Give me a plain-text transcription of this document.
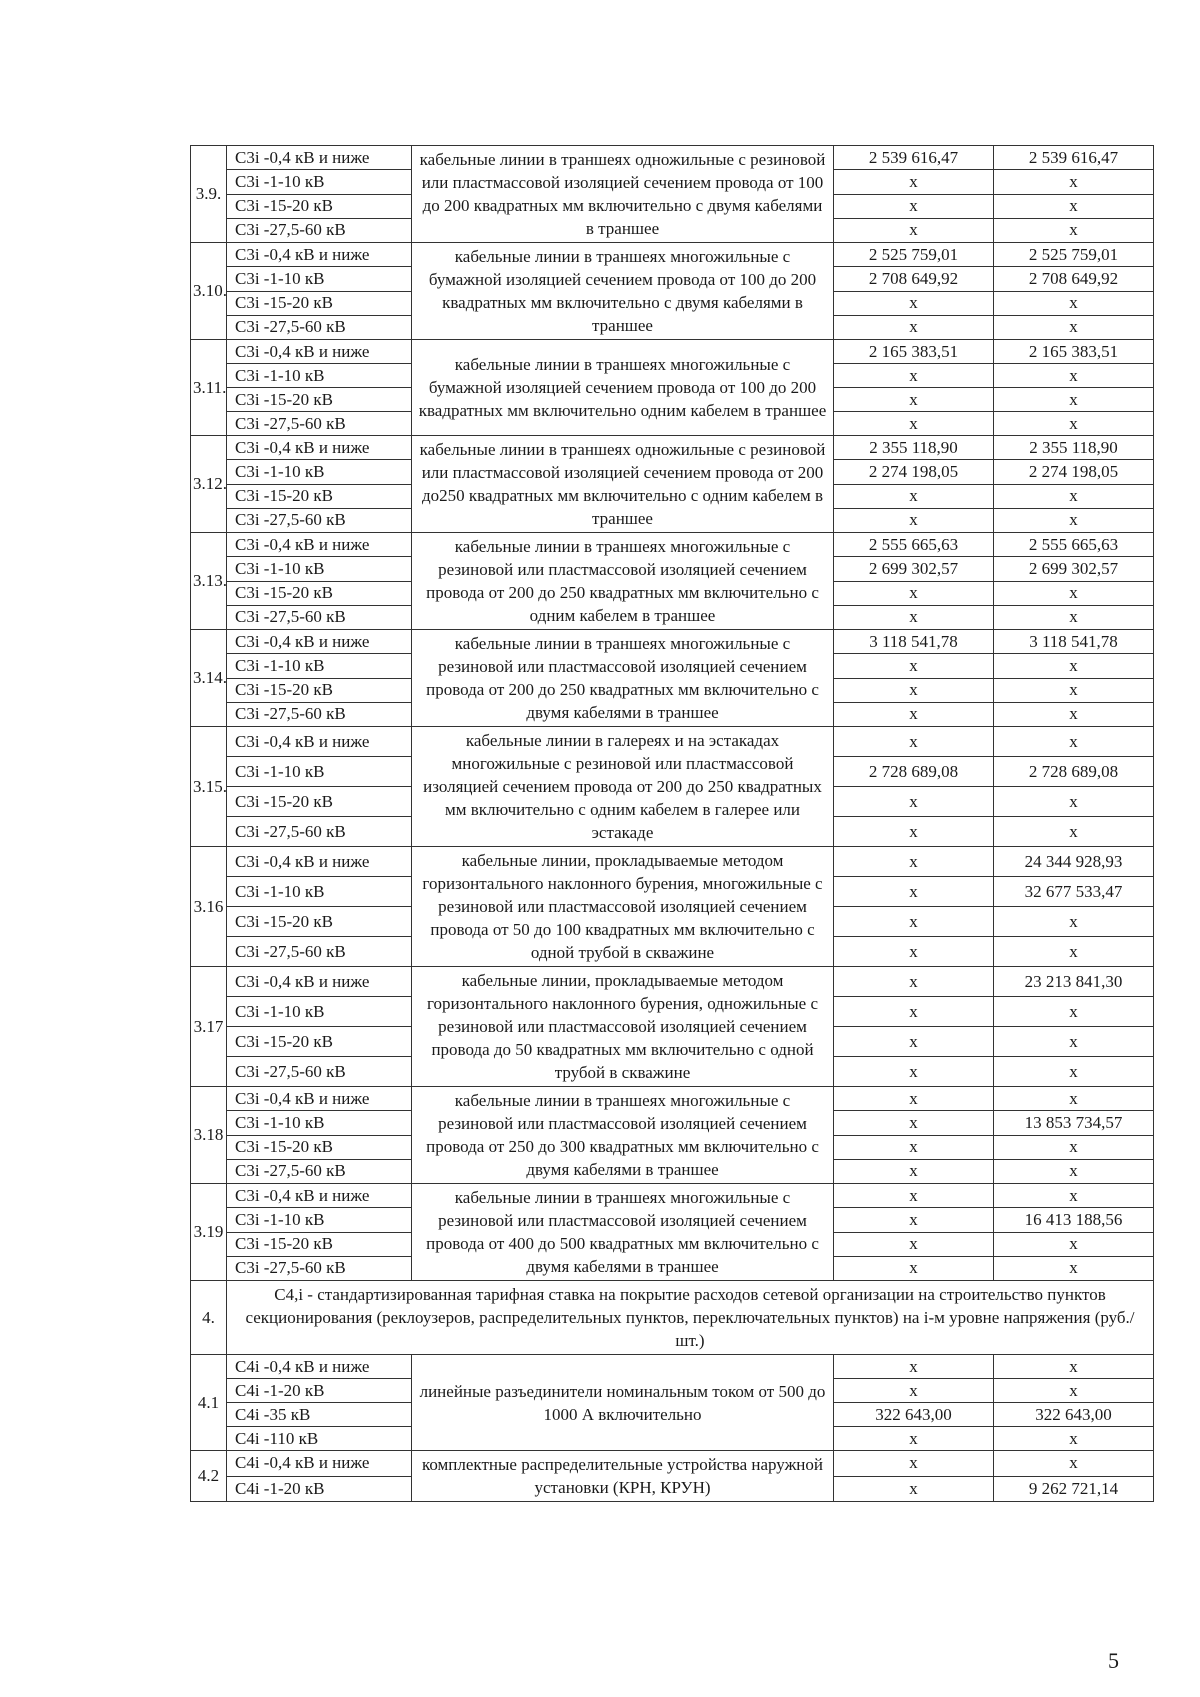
3.9.	C3i -0,4 кВ и ниже	кабельные линии в траншеях одножильные с резиновой или пластмассовой изоляцией сечением провода от 100 до 200 квадратных мм включительно с двумя кабелями в траншее	2 539 616,47	2 539 616,47
	C3i -1-10 кВ		x	x
	C3i -15-20 кВ		x	x
	C3i -27,5-60 кВ		x	x
3.10.	C3i -0,4 кВ и ниже	кабельные линии в траншеях многожильные с бумажной изоляцией сечением провода от 100 до 200 квадратных мм включительно с двумя кабелями в траншее	2 525 759,01	2 525 759,01
	C3i -1-10 кВ		2 708 649,92	2 708 649,92
	C3i -15-20 кВ		x	x
	C3i -27,5-60 кВ		x	x
3.11.	C3i -0,4 кВ и ниже	кабельные линии в траншеях многожильные с бумажной изоляцией сечением провода от 100 до 200 квадратных мм включительно одним кабелем в траншее	2 165 383,51	2 165 383,51
	C3i -1-10 кВ		x	x
	C3i -15-20 кВ		x	x
	C3i -27,5-60 кВ		x	x
3.12.	C3i -0,4 кВ и ниже	кабельные линии в траншеях одножильные с резиновой или пластмассовой изоляцией сечением провода от 200 до250 квадратных мм включительно с одним кабелем в траншее	2 355 118,90	2 355 118,90
	C3i -1-10 кВ		2 274 198,05	2 274 198,05
	C3i -15-20 кВ		x	x
	C3i -27,5-60 кВ		x	x
3.13.	C3i -0,4 кВ и ниже	кабельные линии в траншеях многожильные с резиновой или пластмассовой изоляцией сечением провода от 200 до 250 квадратных мм включительно с одним кабелем в траншее	2 555 665,63	2 555 665,63
	C3i -1-10 кВ		2 699 302,57	2 699 302,57
	C3i -15-20 кВ		x	x
	C3i -27,5-60 кВ		x	x
3.14.	C3i -0,4 кВ и ниже	кабельные линии в траншеях многожильные с резиновой или пластмассовой изоляцией сечением провода от 200 до 250 квадратных мм включительно с двумя кабелями в траншее	3 118 541,78	3 118 541,78
	C3i -1-10 кВ		x	x
	C3i -15-20 кВ		x	x
	C3i -27,5-60 кВ		x	x
3.15.	C3i -0,4 кВ и ниже	кабельные линии в галереях и на эстакадах многожильные с резиновой или пластмассовой изоляцией сечением провода от 200 до 250 квадратных мм включительно с одним кабелем в галерее или эстакаде	x	x
	C3i -1-10 кВ		2 728 689,08	2 728 689,08
	C3i -15-20 кВ		x	x
	C3i -27,5-60 кВ		x	x
3.16	C3i -0,4 кВ и ниже	кабельные линии, прокладываемые методом горизонтального наклонного бурения, многожильные с резиновой или пластмассовой изоляцией сечением провода от 50 до 100 квадратных мм включительно с одной трубой в скважине	x	24 344 928,93
	C3i -1-10 кВ		x	32 677 533,47
	C3i -15-20 кВ		x	x
	C3i -27,5-60 кВ		x	x
3.17	C3i -0,4 кВ и ниже	кабельные линии, прокладываемые методом горизонтального наклонного бурения, одножильные с резиновой или пластмассовой изоляцией сечением провода до 50 квадратных мм включительно с одной трубой в скважине	x	23 213 841,30
	C3i -1-10 кВ		x	x
	C3i -15-20 кВ		x	x
	C3i -27,5-60 кВ		x	x
3.18	C3i -0,4 кВ и ниже	кабельные линии в траншеях многожильные с резиновой или пластмассовой изоляцией сечением провода от 250 до 300 квадратных мм включительно с двумя кабелями в траншее	x	x
	C3i -1-10 кВ		x	13 853 734,57
	C3i -15-20 кВ		x	x
	C3i -27,5-60 кВ		x	x
3.19	C3i -0,4 кВ и ниже	кабельные линии в траншеях многожильные с резиновой или пластмассовой изоляцией сечением провода от 400 до 500 квадратных мм включительно с двумя кабелями в траншее	x	x
	C3i -1-10 кВ		x	16 413 188,56
	C3i -15-20 кВ		x	x
	C3i -27,5-60 кВ		x	x
4.	C4,i - стандартизированная тарифная ставка на покрытие расходов сетевой организации на строительство пунктов секционирования (реклоузеров, распределительных пунктов, переключательных пунктов) на i-м уровне напряжения (руб./шт.)			
4.1	C4i -0,4 кВ и ниже	линейные разъединители номинальным током от 500 до 1000 А включительно	x	x
	C4i -1-20 кВ		x	x
	C4i -35 кВ		322 643,00	322 643,00
	C4i -110 кВ		x	x
4.2	C4i -0,4 кВ и ниже	комплектные распределительные устройства наружной установки (КРН, КРУН)	x	x
	C4i -1-20 кВ		x	9 262 721,14
5
